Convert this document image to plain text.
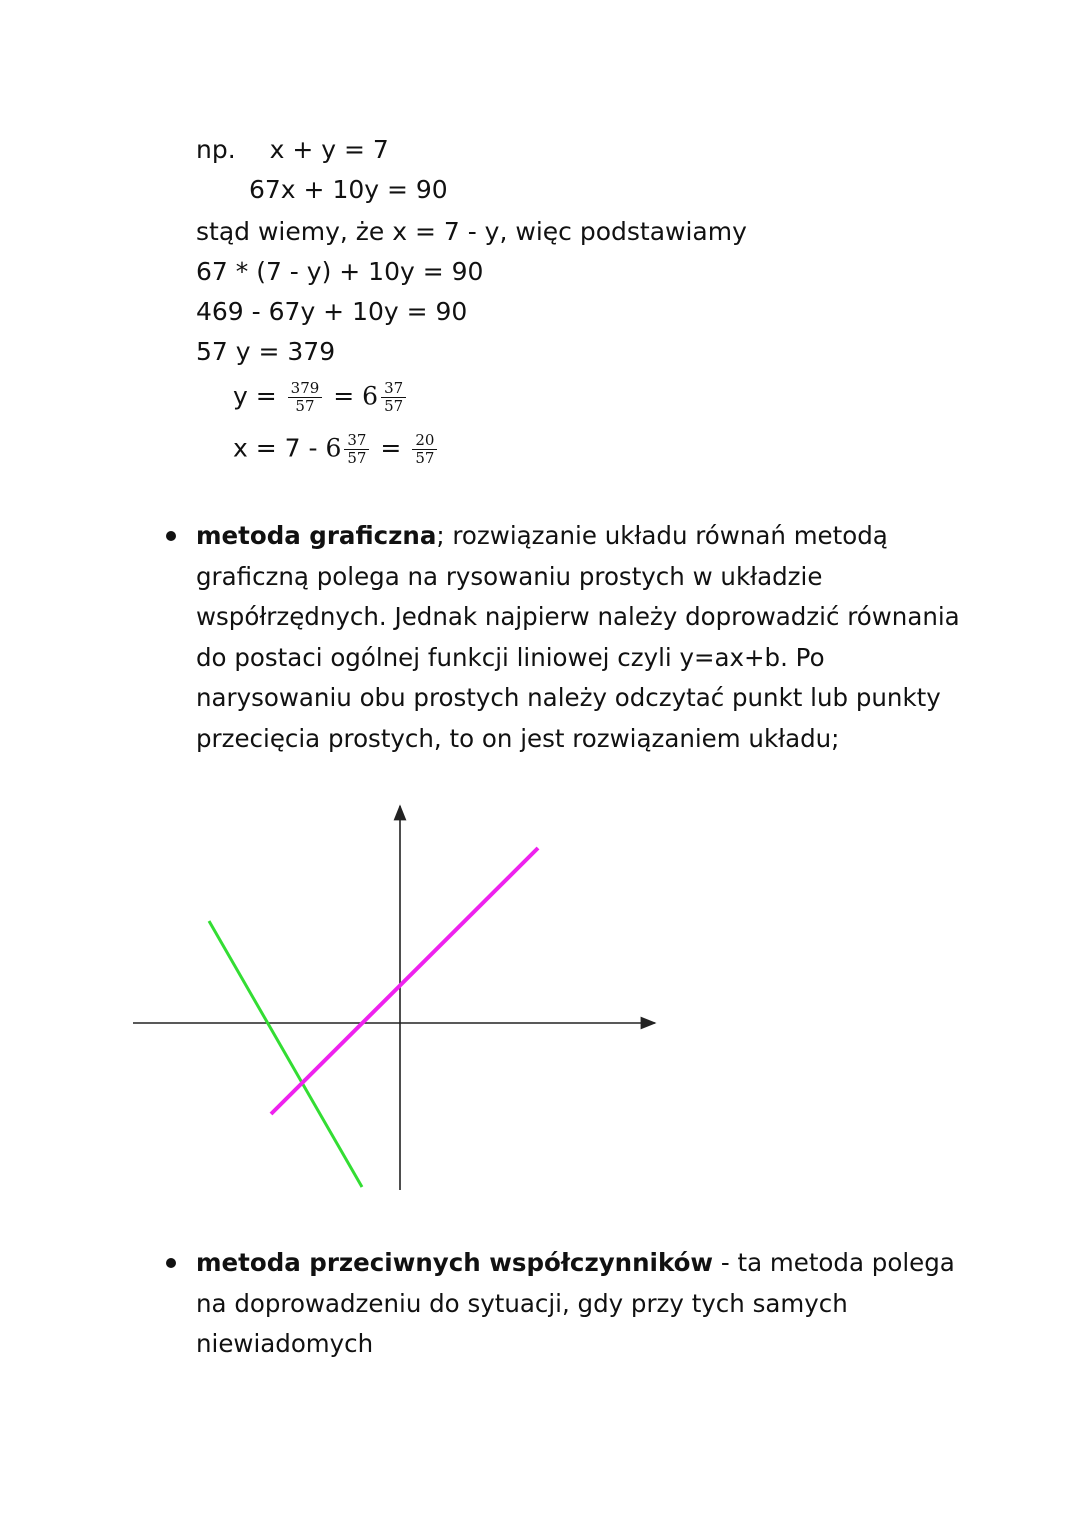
np. x + y = 7
67x + 10y = 90
stąd wiemy, że x = 7 - y, więc podstawiamy
67 * (7 - y) + 10y = 90
469 - 67y + 10y = 90
57 y = 379
$y = \frac{379}{57} = 6 \frac{37}{57}$
$x = 7 - 6 \frac{37}{57} = \frac{20}{57}$
metoda graficzna; rozwiązanie układu równań metodą graficzną polega na rysowaniu prostych w układzie współrzędnych. Jednak najpierw należy doprowadzić równania do postaci ogólnej funkcji liniowej czyli y=ax+b. Po narysowaniu obu prostych należy odczytać punkt lub punkty przecięcia prostych, to on jest rozwiązaniem układu;
metoda przeciwnych współczynników - ta metoda polega na doprowadzeniu do sytuacji, gdy przy tych samych niewiadomych
